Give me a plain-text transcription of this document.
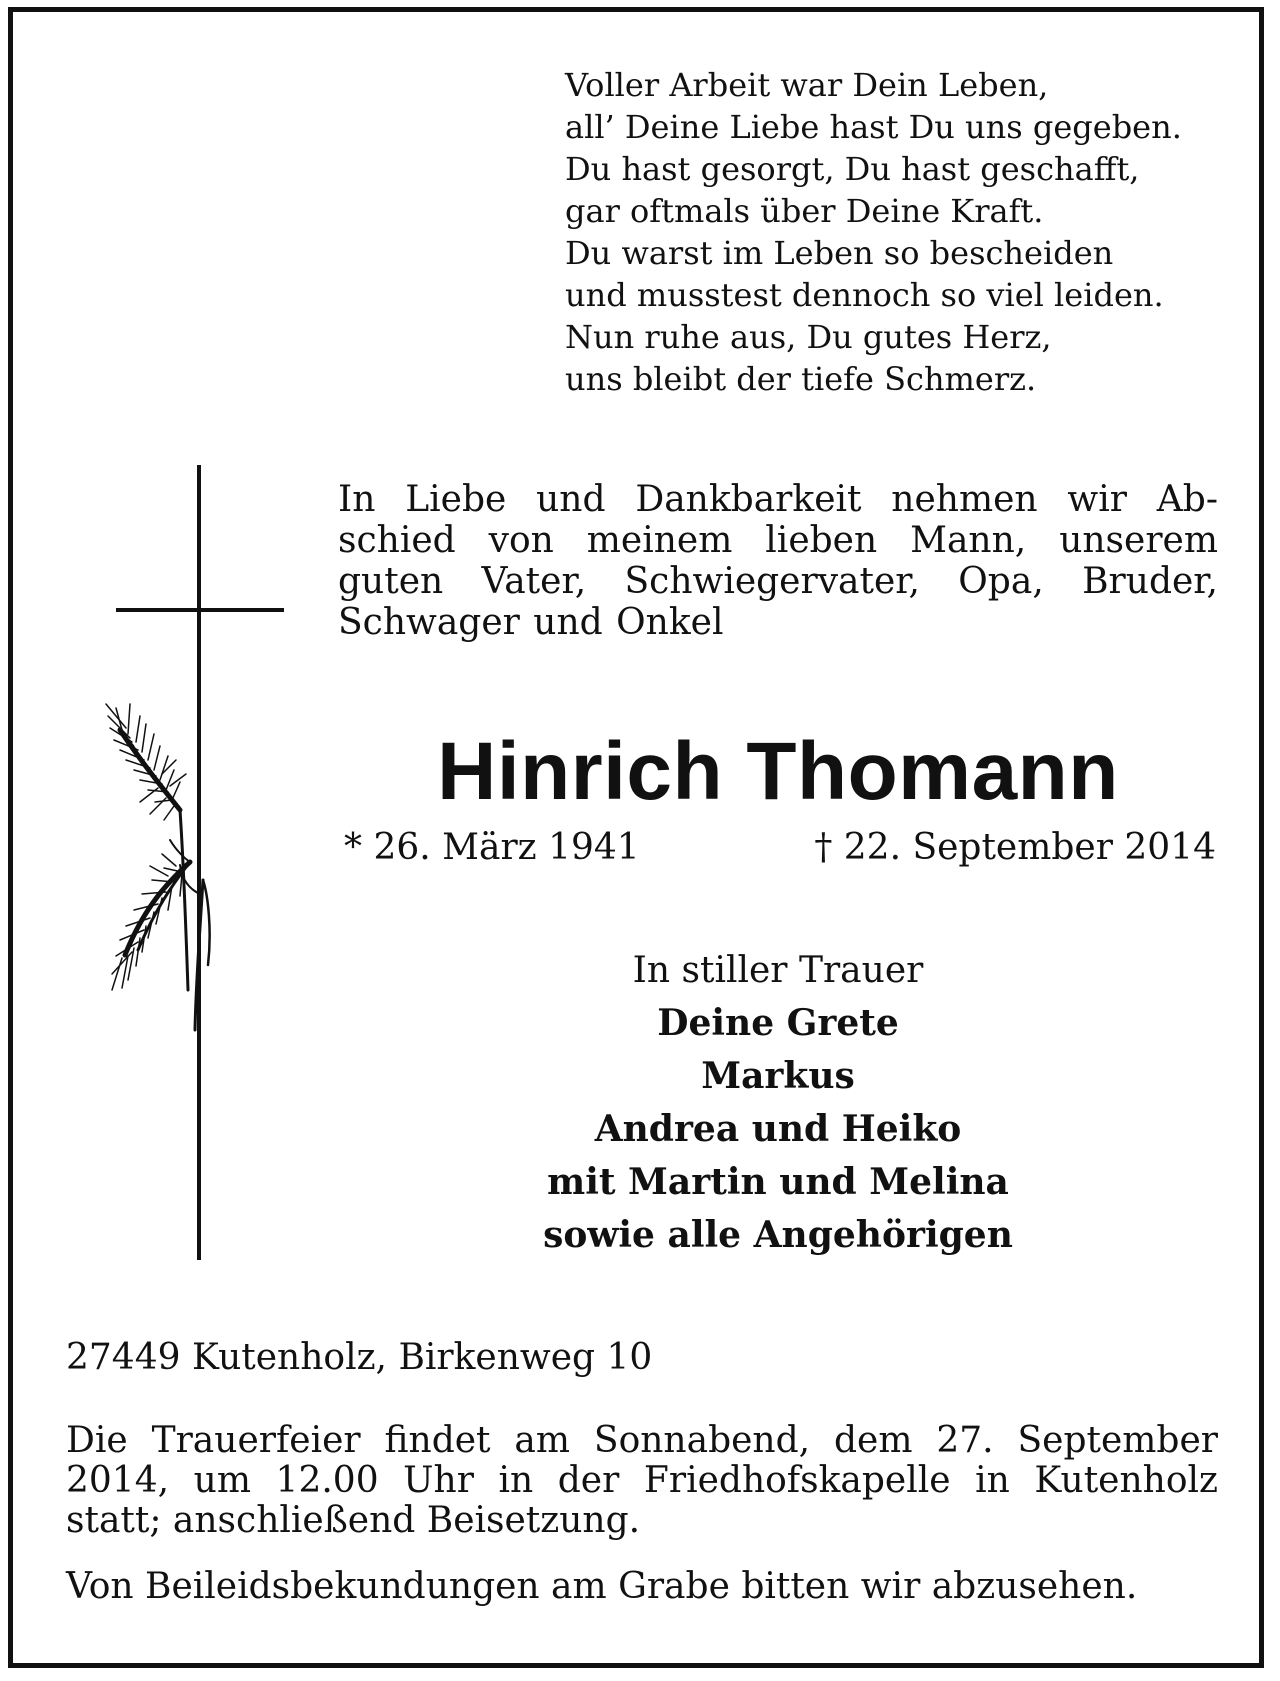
Voller Arbeit war Dein Leben,
all’ Deine Liebe hast Du uns gegeben.
Du hast gesorgt, Du hast geschafft,
gar oftmals über Deine Kraft.
Du warst im Leben so bescheiden
und musstest dennoch so viel leiden.
Nun ruhe aus, Du gutes Herz,
uns bleibt der tiefe Schmerz.
In Liebe und Dankbarkeit nehmen wir Abschied von meinem lieben Mann, unserem guten Vater, Schwiegervater, Opa, Bruder, Schwager und Onkel
Hinrich Thomann
* 26. März 1941	† 22. September 2014
In stiller Trauer
Deine Grete
Markus
Andrea und Heiko
mit Martin und Melina
sowie alle Angehörigen
27449 Kutenholz, Birkenweg 10
Die Trauerfeier findet am Sonnabend, dem 27. September
2014, um 12.00 Uhr in der Friedhofskapelle in Kutenholz
statt; anschließend Beisetzung.
Von Beileidsbekundungen am Grabe bitten wir abzusehen.
